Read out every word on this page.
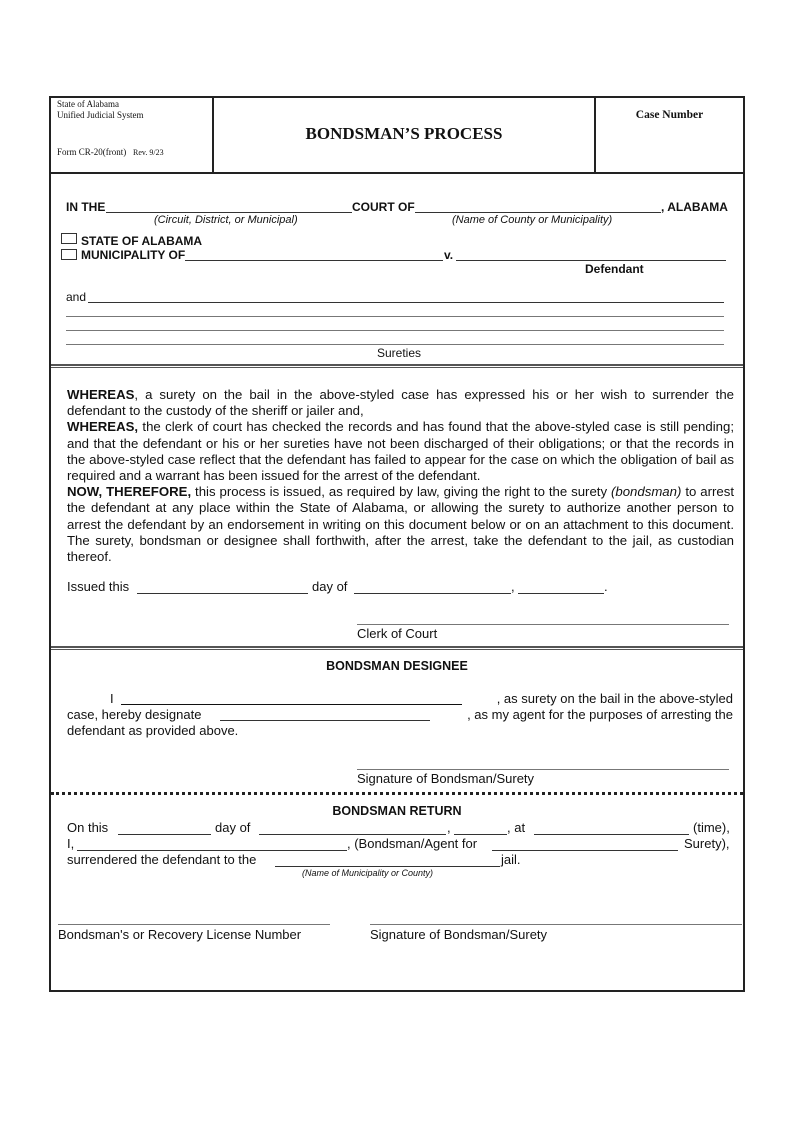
State of Alabama
Unified Judicial System
Form CR-20(front) Rev. 9/23
BONDSMAN’S PROCESS
Case Number
IN THE	COURT OF	, ALABAMA
(Circuit, District, or Municipal)	(Name of County or Municipality)
STATE OF ALABAMA
MUNICIPALITY OF	v.
Defendant
and
Sureties

WHEREAS, a surety on the bail in the above-styled case has expressed his or her wish to surrender the defendant to the custody of the sheriff or jailer and,

WHEREAS, the clerk of court has checked the records and has found that the above-styled case is still pending; and that the defendant or his or her sureties have not been discharged of their obligations; or that the records in the above-styled case reflect that the defendant has failed to appear for the case on which the obligation of bail as required and a warrant has been issued for the arrest of the defendant.

NOW, THEREFORE, this process is issued, as required by law, giving the right to the surety (bondsman) to arrest the defendant at any place within the State of Alabama, or allowing the surety to authorize another person to arrest the defendant by an endorsement in writing on this document below or on an attachment to this document. The surety, bondsman or designee shall forthwith, after the arrest, take the defendant to the jail, as custodian thereof.

Issued this	day of	,	.
Clerk of Court
BONDSMAN DESIGNEE
I	, as surety on the bail in the above-styled
case, hereby designate	, as my agent for the purposes of arresting the
defendant as provided above.
Signature of Bondsman/Surety
BONDSMAN RETURN
On this	day of	,	, at	(time),
I,	, (Bondsman/Agent for	Surety),
surrendered the defendant to the	jail.
(Name of Municipality or County)
Bondsman's or Recovery License Number	Signature of Bondsman/Surety
